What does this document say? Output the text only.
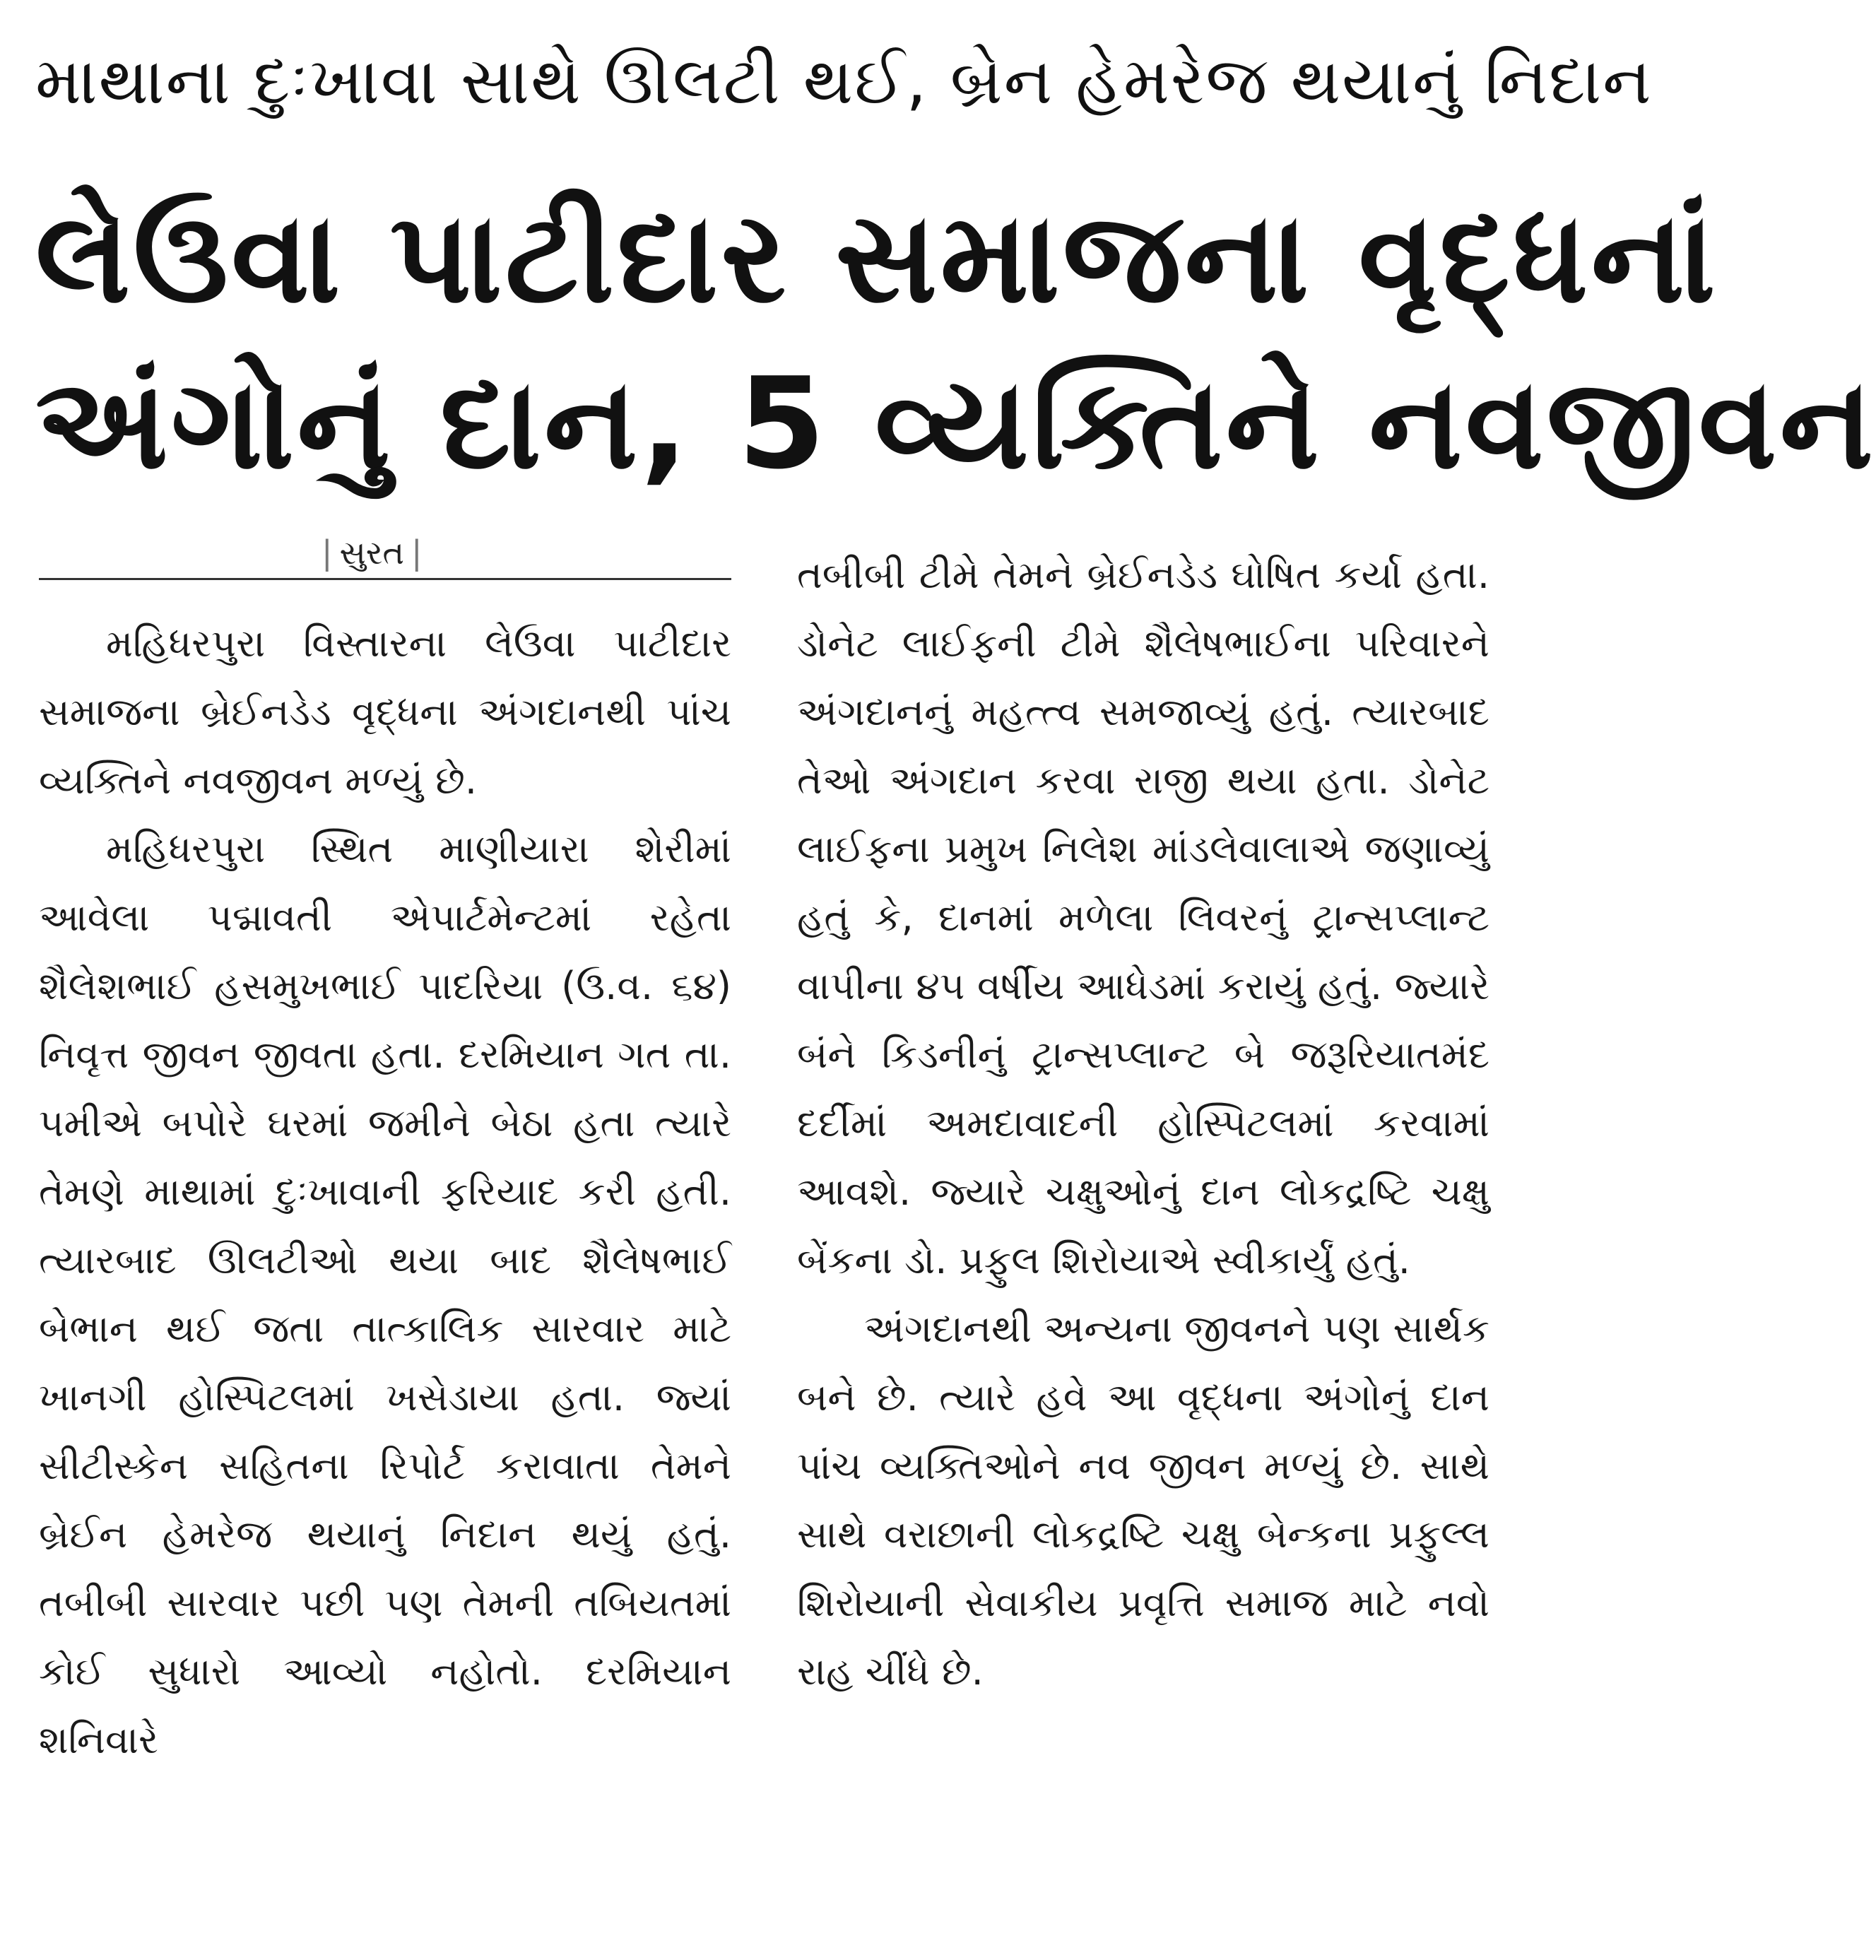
માથાના દુઃખાવા સાથે ઊલટી થઈ, બ્રેન હેમરેજ થયાનું નિદાન
લેઉવા પાટીદાર સમાજના વૃદ્ધનાં
અંગોનું દાન, 5 વ્યક્તિને નવજીવન
| સુરત |

મહિધરપુરા વિસ્તારના લેઉવા પાટીદાર સમાજના બ્રેઈનડેડ વૃદ્ધના અંગદાનથી પાંચ વ્યક્તિને નવજીવન મળ્યું છે.

મહિધરપુરા સ્થિત માણીયારા શેરીમાં આવેલા પદ્માવતી એપાર્ટમેન્ટમાં રહેતા શૈલેશભાઈ હસમુખભાઈ પાદરિયા (ઉ.વ. ૬૪) નિવૃત્ત જીવન જીવતા હતા. દરમિયાન ગત તા. ૫મીએ બપોરે ઘરમાં જમીને બેઠા હતા ત્યારે તેમણે માથામાં દુઃખાવાની ફરિયાદ કરી હતી. ત્યારબાદ ઊલટીઓ થયા બાદ શૈલેષભાઈ બેભાન થઈ જતા તાત્કાલિક સારવાર માટે ખાનગી હોસ્પિટલમાં ખસેડાયા હતા. જ્યાં સીટીસ્કેન સહિતના રિપોર્ટ કરાવાતા તેમને બ્રેઈન હેમરેજ થયાનું નિદાન થયું હતું. તબીબી સારવાર પછી પણ તેમની તબિયતમાં કોઈ સુધારો આવ્યો નહોતો. દરમિયાન શનિવારે

તબીબી ટીમે તેમને બ્રેઈનડેડ ઘોષિત કર્યા હતા. ડોનેટ લાઈફની ટીમે શૈલેષભાઈના પરિવારને અંગદાનનું મહત્ત્વ સમજાવ્યું હતું. ત્યારબાદ તેઓ અંગદાન કરવા રાજી થયા હતા. ડોનેટ લાઈફના પ્રમુખ નિલેશ માંડલેવાલાએ જણાવ્યું હતું કે, દાનમાં મળેલા લિવરનું ટ્રાન્સપ્લાન્ટ વાપીના ૪૫ વર્ષીય આધેડમાં કરાયું હતું. જ્યારે બંને કિડનીનું ટ્રાન્સપ્લાન્ટ બે જરૂરિયાતમંદ દર્દીમાં અમદાવાદની હોસ્પિટલમાં કરવામાં આવશે. જ્યારે ચક્ષુઓનું દાન લોકદ્રષ્ટિ ચક્ષુ બેંકના ડો. પ્રફુલ શિરોયાએ સ્વીકાર્યું હતું.

અંગદાનથી અન્યના જીવનને પણ સાર્થક બને છે. ત્યારે હવે આ વૃદ્ધના અંગોનું દાન પાંચ વ્યક્તિઓને નવ જીવન મળ્યું છે. સાથે સાથે વરાછાની લોકદ્રષ્ટિ ચક્ષુ બેન્કના પ્રફુલ્લ શિરોયાની સેવાકીય પ્રવૃત્તિ સમાજ માટે નવો રાહ ચીંધે છે.
